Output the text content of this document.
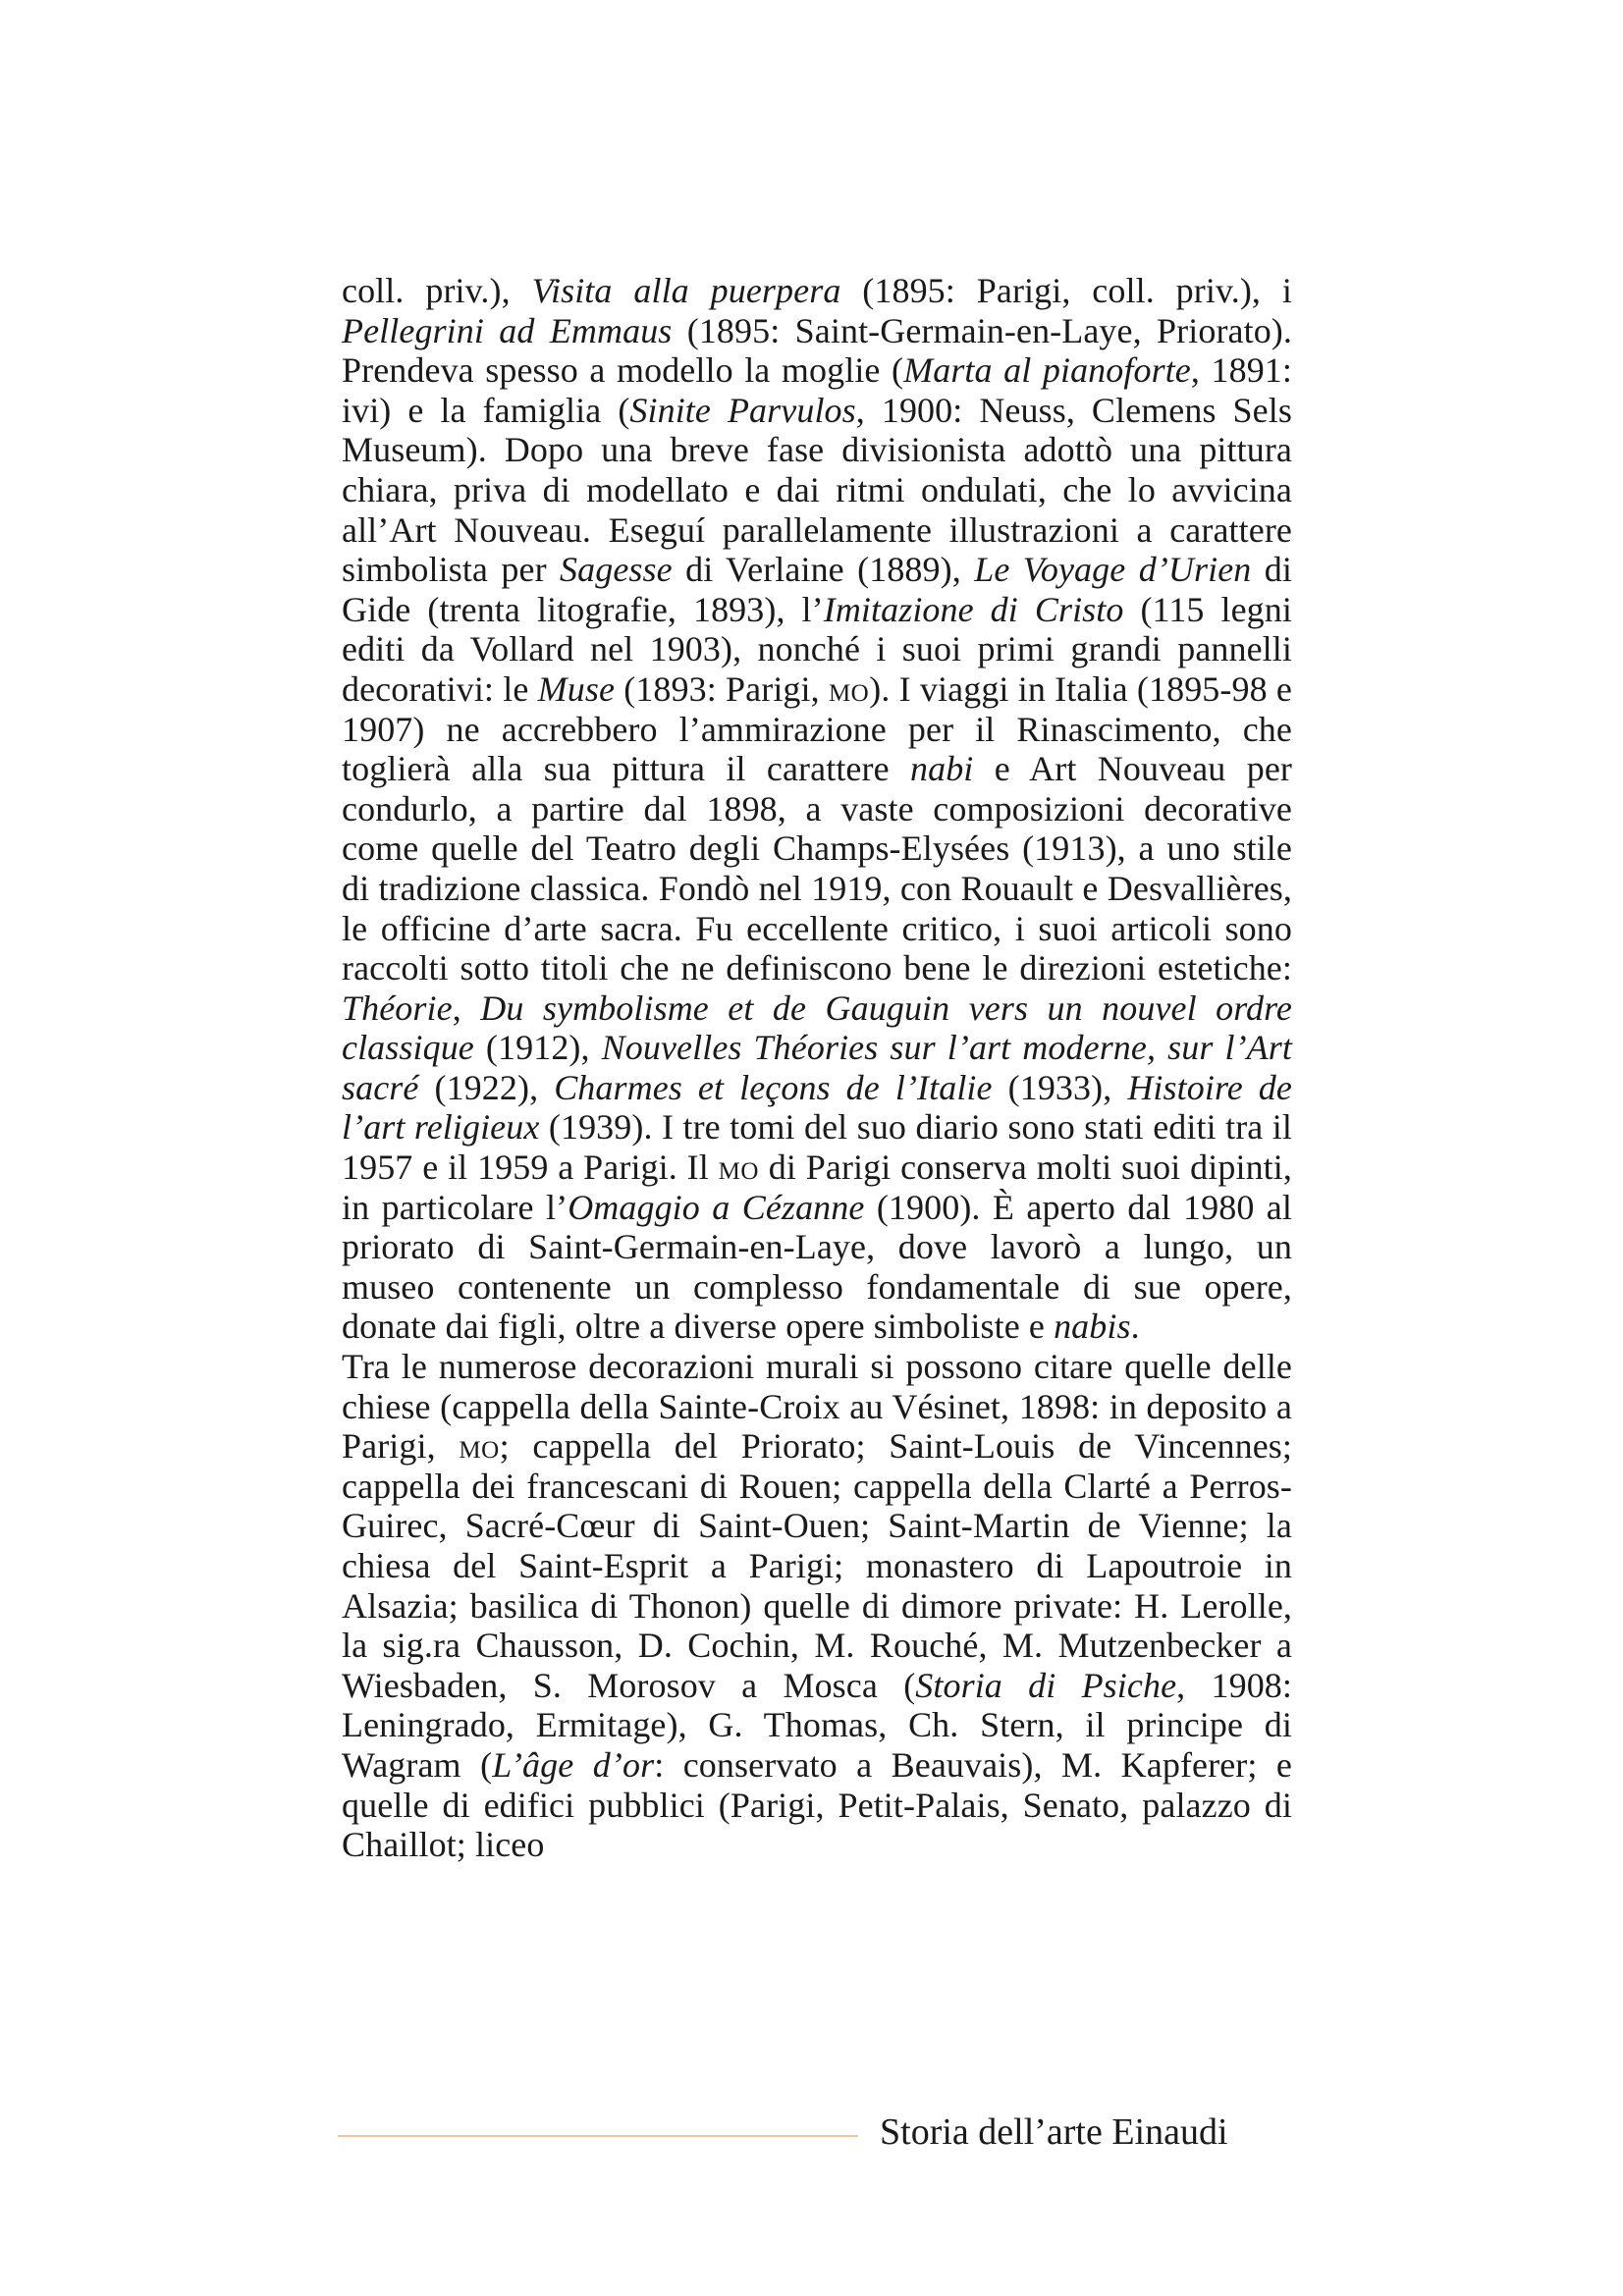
coll. priv.), Visita alla puerpera (1895: Parigi, coll. priv.), i Pellegrini ad Emmaus (1895: Saint-Germain-en-Laye, Priorato). Prendeva spesso a modello la moglie (Marta al pianoforte, 1891: ivi) e la famiglia (Sinite Parvulos, 1900: Neuss, Clemens Sels Museum). Dopo una breve fase divisionista adottò una pittura chiara, priva di modellato e dai ritmi ondulati, che lo avvicina all’Art Nouveau. Eseguí parallelamente illustrazioni a carattere simbolista per Sagesse di Verlaine (1889), Le Voyage d’Urien di Gide (trenta litografie, 1893), l’Imitazione di Cristo (115 legni editi da Vollard nel 1903), nonché i suoi primi grandi pannelli decorativi: le Muse (1893: Parigi, mo). I viaggi in Italia (1895-98 e 1907) ne accrebbero l’ammirazione per il Rinascimento, che toglierà alla sua pittura il carattere nabi e Art Nouveau per condurlo, a partire dal 1898, a vaste composizioni decorative come quelle del Teatro degli Champs-Elysées (1913), a uno stile di tradizione classica. Fondò nel 1919, con Rouault e Desvallières, le officine d’arte sacra. Fu eccellente critico, i suoi articoli sono raccolti sotto titoli che ne definiscono bene le direzioni estetiche: Théorie, Du symbolisme et de Gauguin vers un nouvel ordre classique (1912), Nouvelles Théories sur l’art moderne, sur l’Art sacré (1922), Charmes et leçons de l’Italie (1933), Histoire de l’art religieux (1939). I tre tomi del suo diario sono stati editi tra il 1957 e il 1959 a Parigi. Il mo di Parigi conserva molti suoi dipinti, in particolare l’Omaggio a Cézanne (1900). È aperto dal 1980 al priorato di Saint-Germain-en-Laye, dove lavorò a lungo, un museo contenente un complesso fondamentale di sue opere, donate dai figli, oltre a diverse opere simboliste e nabis.

Tra le numerose decorazioni murali si possono citare quelle delle chiese (cappella della Sainte-Croix au Vésinet, 1898: in deposito a Parigi, mo; cappella del Priorato; Saint-Louis de Vincennes; cappella dei francescani di Rouen; cappella della Clarté a Perros-Guirec, Sacré-Cœur di Saint-Ouen; Saint-Martin de Vienne; la chiesa del Saint-Esprit a Parigi; monastero di Lapoutroie in Alsazia; basilica di Thonon) quelle di dimore private: H. Lerolle, la sig.ra Chausson, D. Cochin, M. Rouché, M. Mutzenbecker a Wiesbaden, S. Morosov a Mosca (Storia di Psiche, 1908: Leningrado, Ermitage), G. Thomas, Ch. Stern, il principe di Wagram (L’âge d’or: conservato a Beauvais), M. Kapferer; e quelle di edifici pubblici (Parigi, Petit-Palais, Senato, palazzo di Chaillot; liceo

Storia dell’arte Einaudi
